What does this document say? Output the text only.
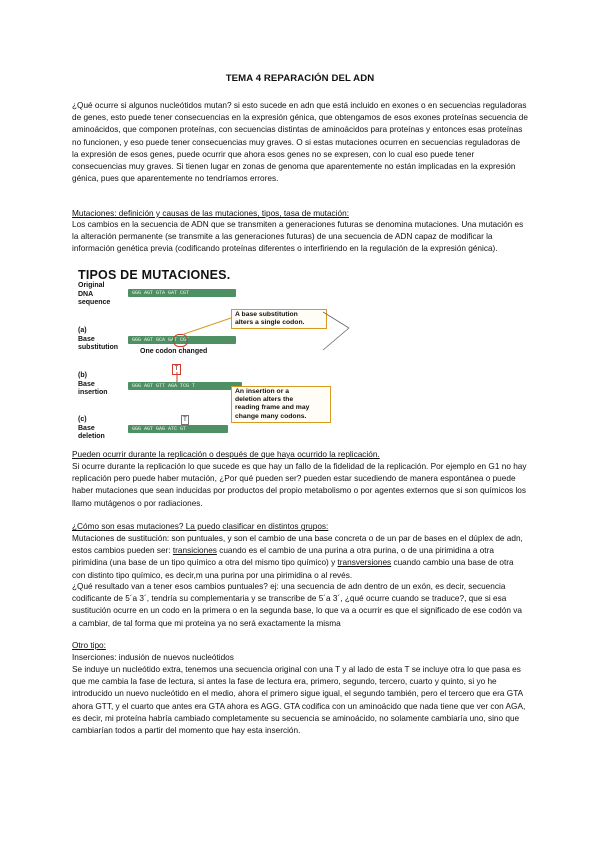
TEMA 4 REPARACIÓN DEL ADN

¿Qué ocurre si algunos nucleótidos mutan? si esto sucede en adn que está incluido en exones o en secuencias reguladoras de genes, esto puede tener consecuencias en la expresión génica, que obtengamos de esos exones proteínas secuencia de aminoácidos, que componen proteínas, con secuencias distintas de aminoácidos para proteínas y entonces esas proteínas no funcionen, y eso puede tener consecuencias muy graves. O si estas mutaciones ocurren en secuencias reguladoras de la expresión de esos genes, puede ocurrir que ahora esos genes no se expresen, con lo cual eso puede tener consecuencias muy graves. Si tienen lugar en zonas de genoma que aparentemente no están implicadas en la expresión génica, pues que aparentemente no tendríamos errores.

Mutaciones: definición y causas de las mutaciones, tipos, tasa de mutación:

Los cambios en la secuencia de ADN que se transmiten a generaciones futuras se denomina mutaciones. Una mutación es la alteración permanente (se transmite a las generaciones futuras) de una secuencia de ADN capaz de modificar la información genética previa (codificando proteínas diferentes o interfiriendo en la regulación de la expresión génica).

TIPOS DE MUTACIONES.
Original
DNA
sequence
GGG AGT GTA GAT CGT
(a)
Base
substitution
GGG AGT GCA GAT CGT
One codon changed
A base substitution
alters a single codon.
(b)
Base
insertion
GGG AGT GTT AGA TCG T
T
An insertion or a
deletion alters the
reading frame and may
change many codons.
(c)
Base
deletion
GGG AGT GAG ATC GT
T

Pueden ocurrir durante la replicación o después de que haya ocurrido la replicación.

Si ocurre durante la replicación lo que sucede es que hay un fallo de la fidelidad de la replicación. Por ejemplo en G1 no hay replicación pero puede haber mutación, ¿Por qué pueden ser? pueden estar sucediendo de manera espontánea o puede haber mutaciones que sean inducidas por productos del propio metabolismo o por agentes externos que si son químicos los llamo mutágenos o por radiaciones.

¿Cómo son esas mutaciones? La puedo clasificar en distintos grupos:

Mutaciones de sustitución: son puntuales, y son el cambio de una base concreta o de un par de bases en el dúplex de adn, estos cambios pueden ser: transiciones cuando es el cambio de una purina a otra purina, o de una pirimidina a otra pirimidina (una base de un tipo químico a otra del mismo tipo químico) y transversiones cuando cambio una base de otra con distinto tipo químico, es decir,m una purina por una pirimidina o al revés.

¿Qué resultado van a tener esos cambios puntuales? ej: una secuencia de adn dentro de un exón, es decir, secuencia codificante de 5´a 3´, tendría su complementaria y se transcribe de 5´a 3´, ¿qué ocurre cuando se traduce?, que si esa sustitución ocurre en un codo en la primera o en la segunda base, lo que va a ocurrir es que el significado de ese codón va a cambiar, de tal forma que mi proteina ya no será exactamente la misma

Otro tipo:

Inserciones: indusión de nuevos nucleótidos

Se induye un nucleótido extra, tenemos una secuencia original con una T y al lado de esta T se incluye otra lo que pasa es que me cambia la fase de lectura, si antes la fase de lectura era, primero, segundo, tercero, cuarto y quinto, si yo he introducido un nuevo nucleótido en el medio, ahora el primero sigue igual, el segundo también, pero el tercero que era GTA ahora GTT, y el cuarto que antes era GTA ahora es AGG. GTA codifica con un aminoácido que nada tiene que ver con AGA, es decir, mi proteína habría cambiado completamente su secuencia se aminoácido, no solamente cambiaría uno, sino que cambiarían todos a partir del momento que hay esta inserción.
